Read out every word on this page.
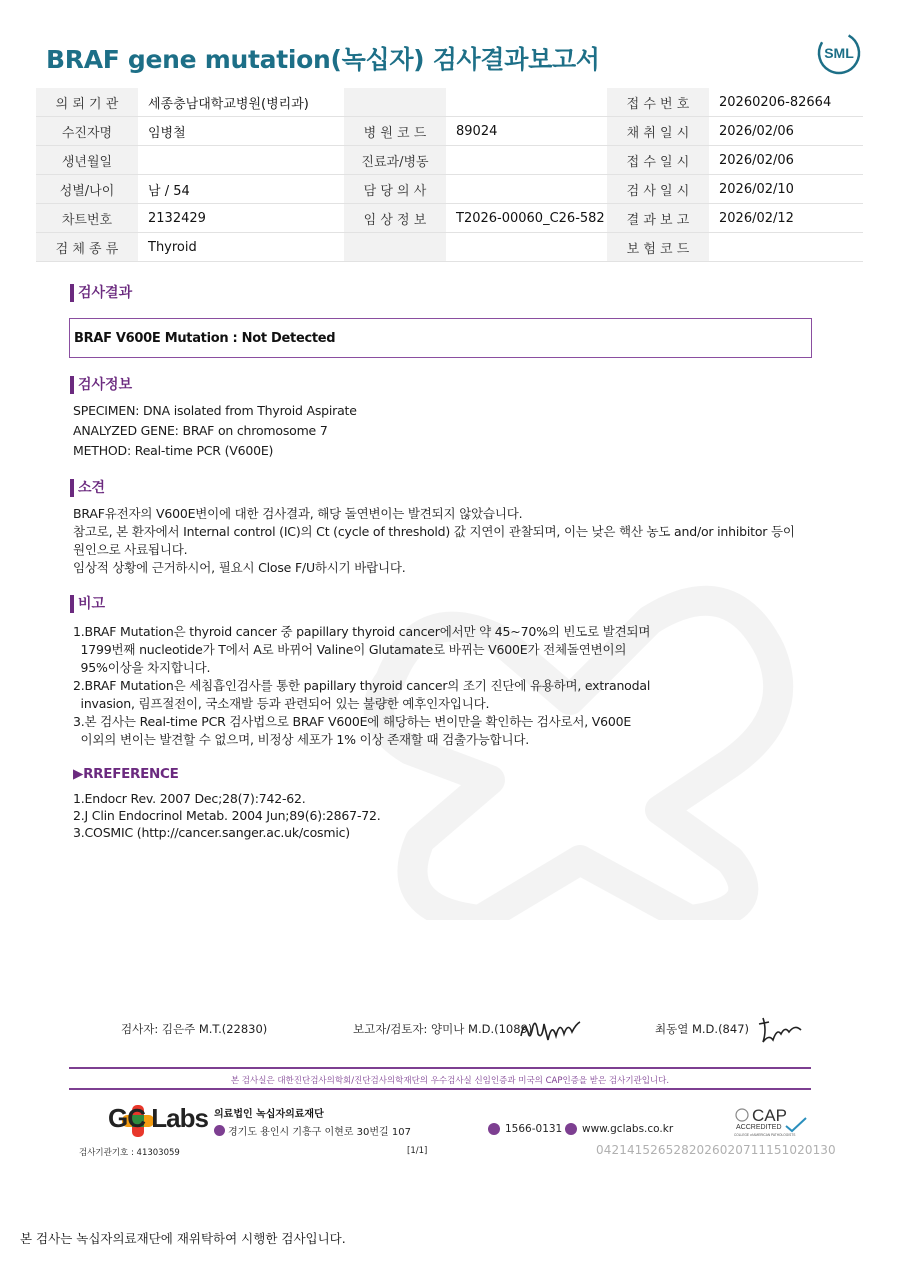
BRAF gene mutation(녹십자) 검사결과보고서	SML
의 뢰 기 관	세종충남대학교병원(병리과)			접 수 번 호	20260206-82664
수진자명	임병철	병 원 코 드	89024	채 취 일 시	2026/02/06
생년월일		진료과/병동		접 수 일 시	2026/02/06
성별/나이	남 / 54	담 당 의 사		검 사 일 시	2026/02/10
차트번호	2132429	임 상 정 보	T2026-00060_C26-582	결 과 보 고	2026/02/12
검 체 종 류	Thyroid			보 험 코 드	
검사결과
BRAF V600E Mutation : Not Detected
검사정보
SPECIMEN: DNA isolated from Thyroid Aspirate
ANALYZED GENE: BRAF on chromosome 7
METHOD: Real-time PCR (V600E)
소견
BRAF유전자의 V600E변이에 대한 검사결과, 해당 돌연변이는 발견되지 않았습니다.
참고로, 본 환자에서 Internal control (IC)의 Ct (cycle of threshold) 값 지연이 관찰되며, 이는 낮은 핵산 농도 and/or inhibitor 등이
원인으로 사료됩니다.
임상적 상황에 근거하시어, 필요시 Close F/U하시기 바랍니다.
비고
1.BRAF Mutation은 thyroid cancer 중 papillary thyroid cancer에서만 약 45~70%의 빈도로 발견되며
1799번째 nucleotide가 T에서 A로 바뀌어 Valine이 Glutamate로 바뀌는 V600E가 전체돌연변이의
95%이상을 차지합니다.
2.BRAF Mutation은 세침흡인검사를 통한 papillary thyroid cancer의 조기 진단에 유용하며, extranodal
invasion, 림프절전이, 국소재발 등과 관련되어 있는 불량한 예후인자입니다.
3.본 검사는 Real-time PCR 검사법으로 BRAF V600E에 해당하는 변이만을 확인하는 검사로서, V600E
이외의 변이는 발견할 수 없으며, 비정상 세포가 1% 이상 존재할 때 검출가능합니다.
▶RREFERENCE
1.Endocr Rev. 2007 Dec;28(7):742-62.
2.J Clin Endocrinol Metab. 2004 Jun;89(6):2867-72.
3.COSMIC (http://cancer.sanger.ac.uk/cosmic)
검사자: 김은주 M.T.(22830)	보고자/검토자: 양미나 M.D.(1089)	최동열 M.D.(847)
본 검사실은 대한진단검사의학회/진단검사의학재단의 우수검사실 신임인증과 미국의 CAP인증을 받은 검사기관입니다.
GC Labs 의료법인 녹십자의료재단
경기도 용인시 기흥구 이현로 30번길 107	1566-0131 www.gclabs.co.kr
CAP
ACCREDITED
COLLEGE of AMERICAN PATHOLOGISTS
검사기관기호 : 41303059	[1/1]	042141526528202602071115102013​0
본 검사는 녹십자의료재단에 재위탁하여 시행한 검사입니다.
